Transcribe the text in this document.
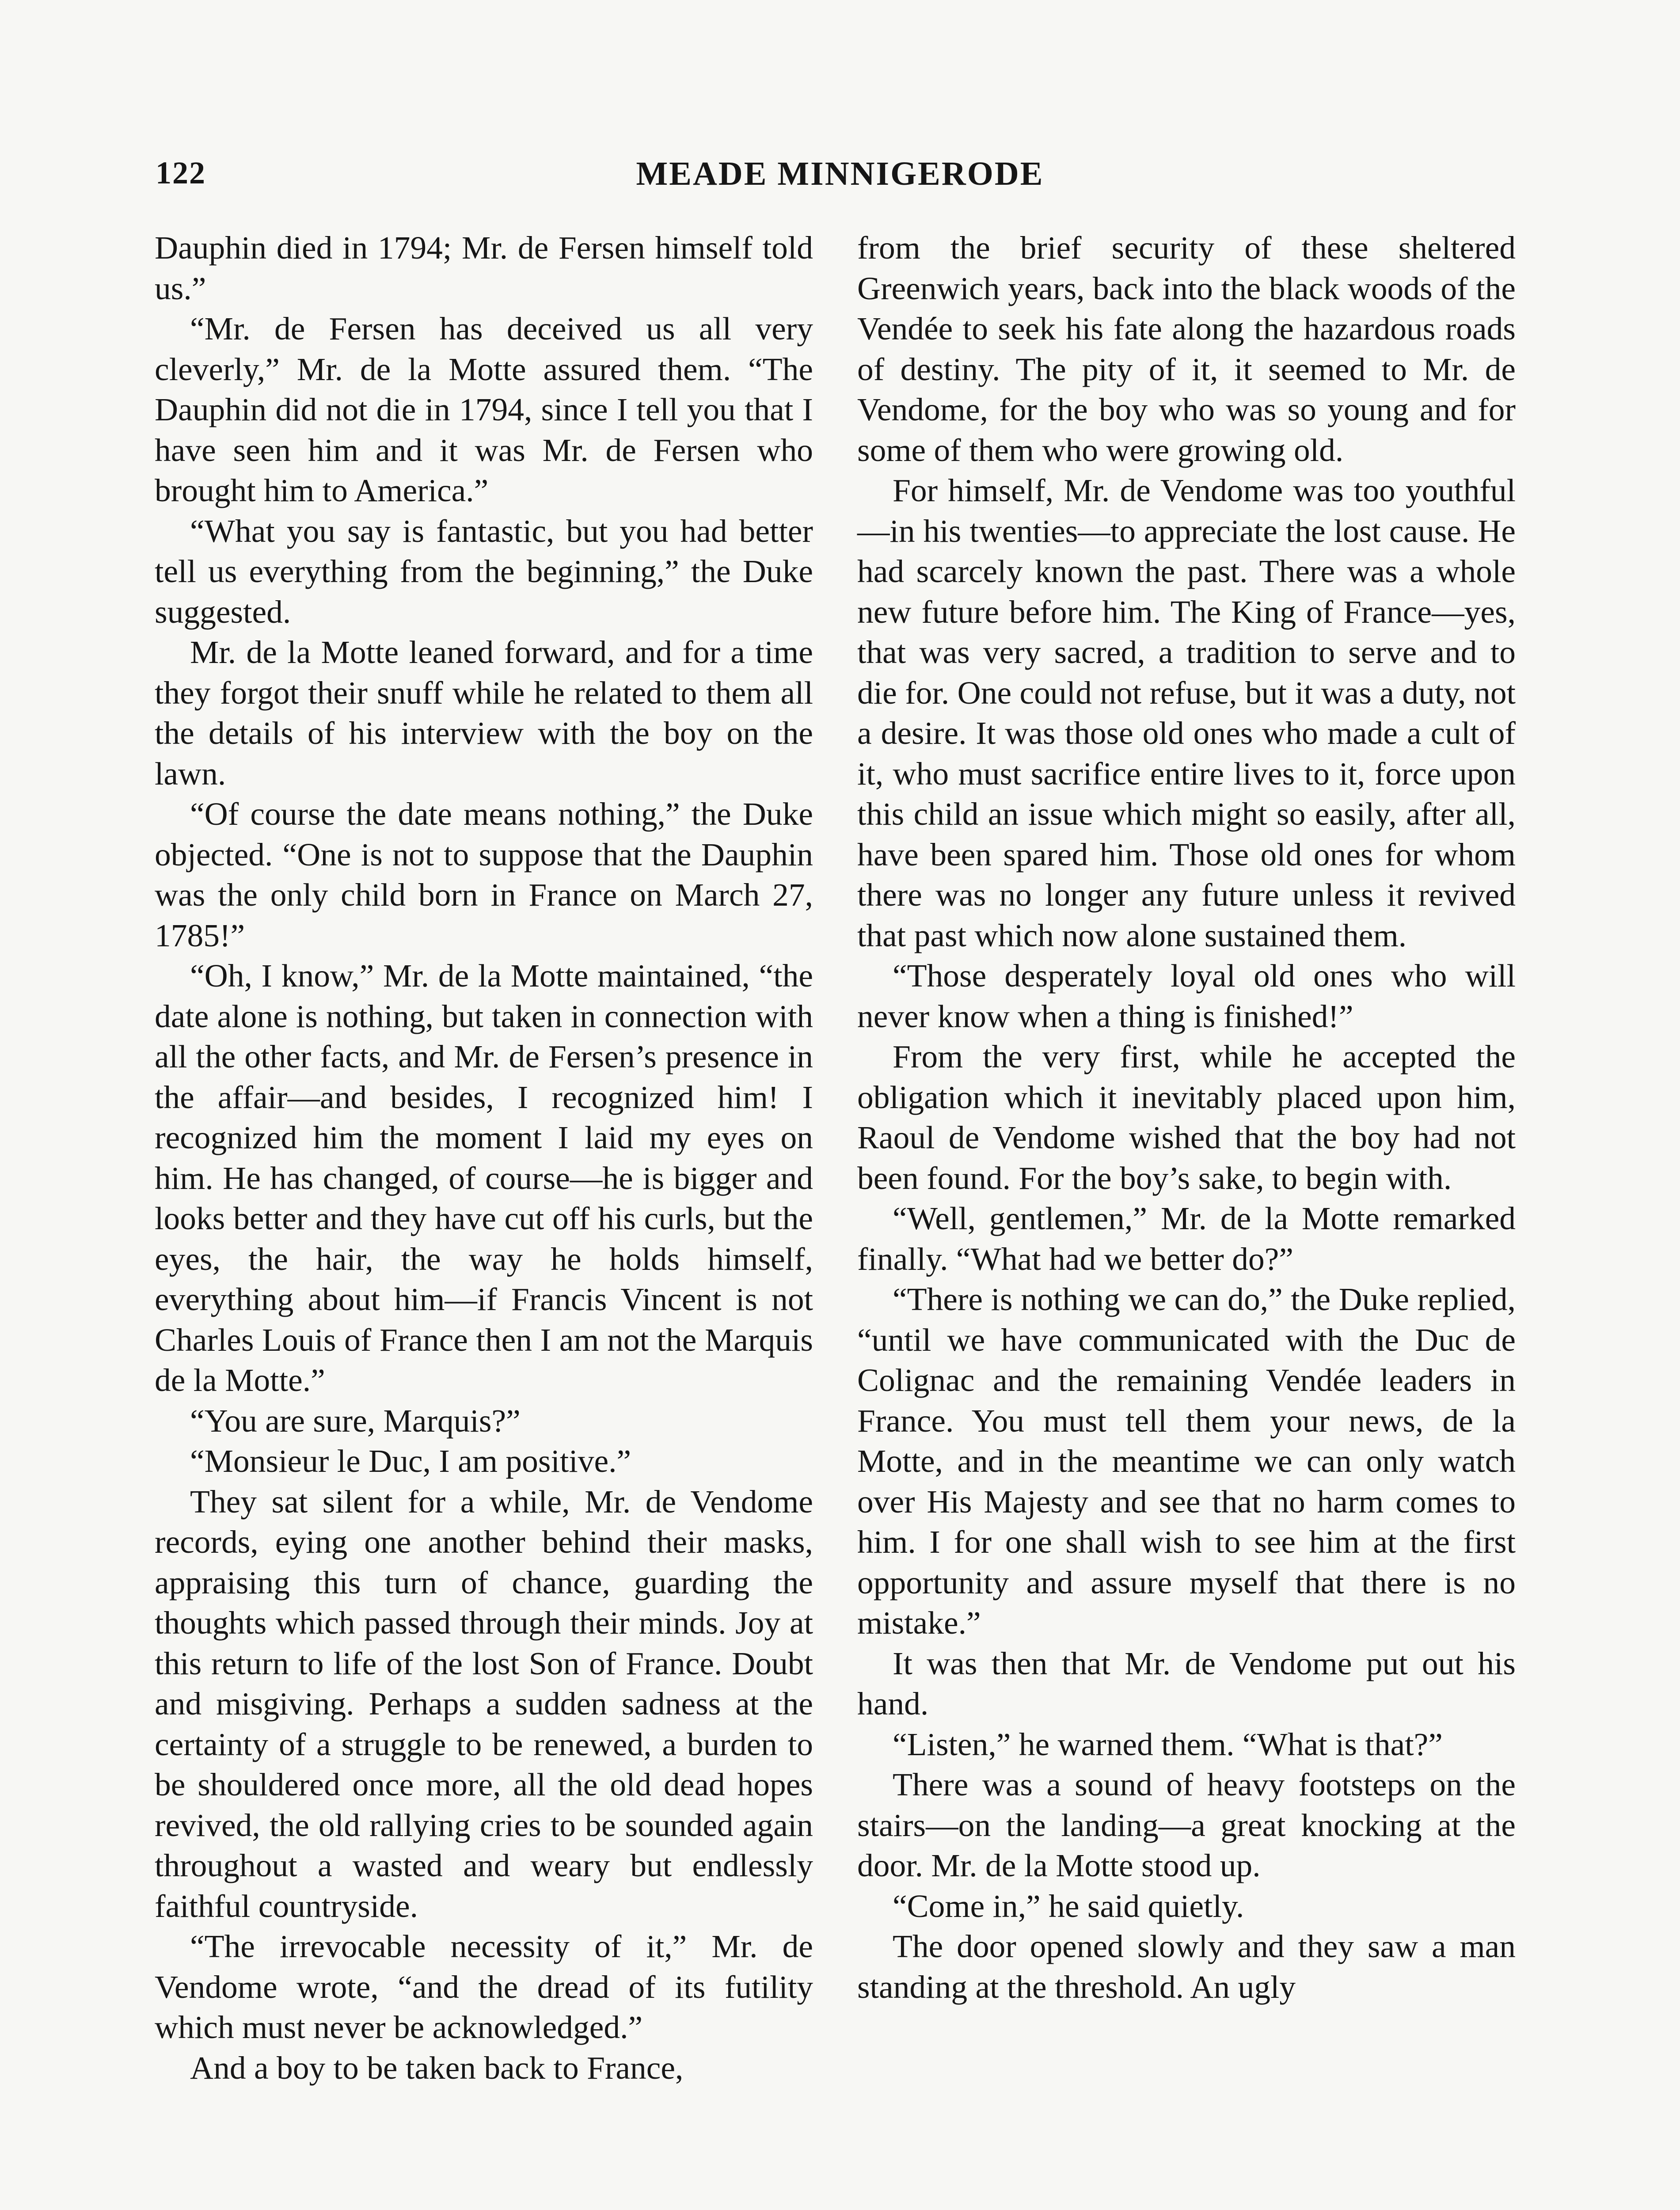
122	MEADE MINNIGERODE

Dauphin died in 1794; Mr. de Fersen himself told us.”

“Mr. de Fersen has deceived us all very cleverly,” Mr. de la Motte assured them. “The Dauphin did not die in 1794, since I tell you that I have seen him and it was Mr. de Fersen who brought him to America.”

“What you say is fantastic, but you had better tell us everything from the beginning,” the Duke suggested.

Mr. de la Motte leaned forward, and for a time they forgot their snuff while he related to them all the details of his interview with the boy on the lawn.

“Of course the date means nothing,” the Duke objected. “One is not to suppose that the Dauphin was the only child born in France on March 27, 1785!”

“Oh, I know,” Mr. de la Motte maintained, “the date alone is nothing, but taken in connection with all the other facts, and Mr. de Fersen’s presence in the affair—and besides, I recognized him! I recognized him the moment I laid my eyes on him. He has changed, of course—he is bigger and looks better and they have cut off his curls, but the eyes, the hair, the way he holds himself, everything about him—if Francis Vincent is not Charles Louis of France then I am not the Marquis de la Motte.”

“You are sure, Marquis?”

“Monsieur le Duc, I am positive.”

They sat silent for a while, Mr. de Vendome records, eying one another behind their masks, appraising this turn of chance, guarding the thoughts which passed through their minds. Joy at this return to life of the lost Son of France. Doubt and misgiving. Perhaps a sudden sadness at the certainty of a struggle to be renewed, a burden to be shouldered once more, all the old dead hopes revived, the old rallying cries to be sounded again throughout a wasted and weary but endlessly faithful countryside.

“The irrevocable necessity of it,” Mr. de Vendome wrote, “and the dread of its futility which must never be acknowledged.”

And a boy to be taken back to France,

from the brief security of these sheltered Greenwich years, back into the black woods of the Vendée to seek his fate along the hazardous roads of destiny. The pity of it, it seemed to Mr. de Vendome, for the boy who was so young and for some of them who were growing old.

For himself, Mr. de Vendome was too youthful—in his twenties—to appreciate the lost cause. He had scarcely known the past. There was a whole new future before him. The King of France—yes, that was very sacred, a tradition to serve and to die for. One could not refuse, but it was a duty, not a desire. It was those old ones who made a cult of it, who must sacrifice entire lives to it, force upon this child an issue which might so easily, after all, have been spared him. Those old ones for whom there was no longer any future unless it revived that past which now alone sustained them.

“Those desperately loyal old ones who will never know when a thing is finished!”

From the very first, while he accepted the obligation which it inevitably placed upon him, Raoul de Vendome wished that the boy had not been found. For the boy’s sake, to begin with.

“Well, gentlemen,” Mr. de la Motte remarked finally. “What had we better do?”

“There is nothing we can do,” the Duke replied, “until we have communicated with the Duc de Colignac and the remaining Vendée leaders in France. You must tell them your news, de la Motte, and in the meantime we can only watch over His Majesty and see that no harm comes to him. I for one shall wish to see him at the first opportunity and assure myself that there is no mistake.”

It was then that Mr. de Vendome put out his hand.

“Listen,” he warned them. “What is that?”

There was a sound of heavy footsteps on the stairs—on the landing—a great knocking at the door. Mr. de la Motte stood up.

“Come in,” he said quietly.

The door opened slowly and they saw a man standing at the threshold. An ugly
